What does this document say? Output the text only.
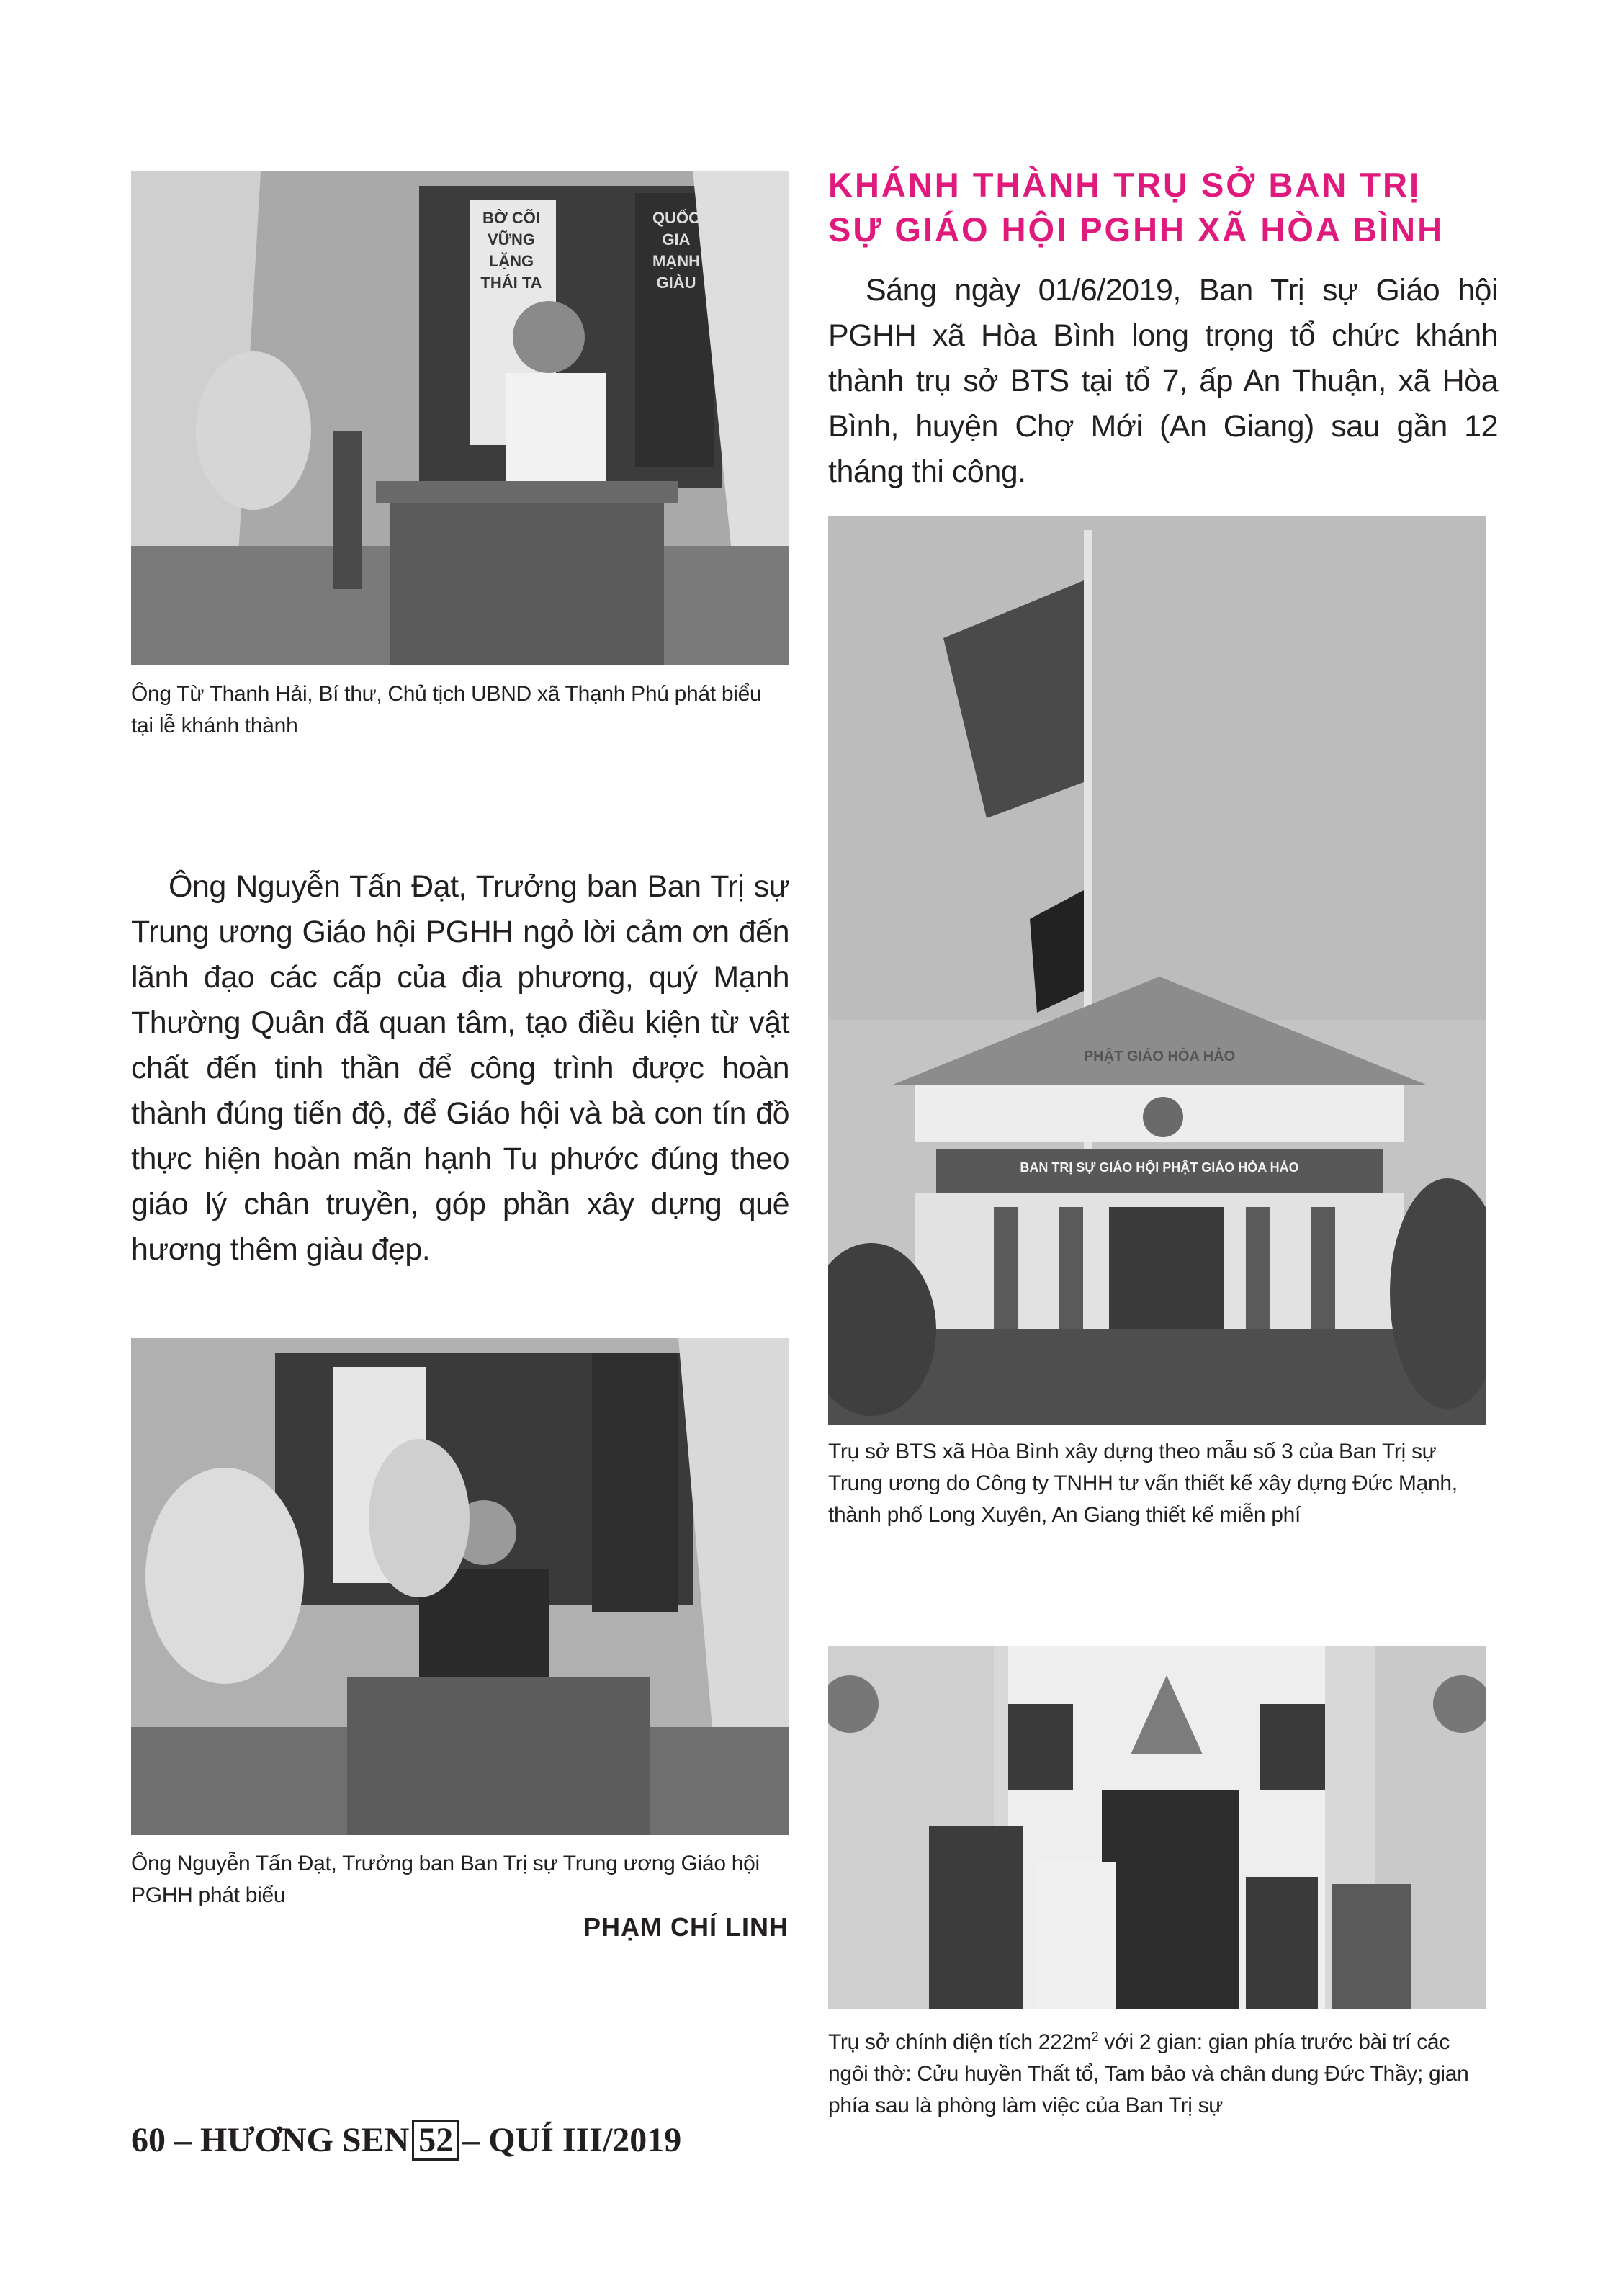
KHÁNH THÀNH TRỤ SỞ BAN TRỊ
SỰ GIÁO HỘI PGHH XÃ HÒA BÌNH

Sáng ngày 01/6/2019, Ban Trị sự Giáo hội PGHH xã Hòa Bình long trọng tổ chức khánh thành trụ sở BTS tại tổ 7, ấp An Thuận, xã Hòa Bình, huyện Chợ Mới (An Giang) sau gần 12 tháng thi công.

BỜ CÕI VỮNG LẶNG THÁI TA
QUỐC GIA MẠNH GIÀU
Ông Từ Thanh Hải, Bí thư, Chủ tịch UBND xã Thạnh Phú phát biểu tại lễ khánh thành

Ông Nguyễn Tấn Đạt, Trưởng ban Ban Trị sự Trung ương Giáo hội PGHH ngỏ lời cảm ơn đến lãnh đạo các cấp của địa phương, quý Mạnh Thường Quân đã quan tâm, tạo điều kiện từ vật chất đến tinh thần để công trình được hoàn thành đúng tiến độ, để Giáo hội và bà con tín đồ thực hiện hoàn mãn hạnh Tu phước đúng theo giáo lý chân truyền, góp phần xây dựng quê hương thêm giàu đẹp.

Ông Nguyễn Tấn Đạt, Trưởng ban Ban Trị sự Trung ương Giáo hội PGHH phát biểu
PHẠM CHÍ LINH
PHẬT GIÁO HÒA HẢO
BAN TRỊ SỰ GIÁO HỘI PHẬT GIÁO HÒA HẢO
Trụ sở BTS xã Hòa Bình xây dựng theo mẫu số 3 của Ban Trị sự Trung ương do Công ty TNHH tư vấn thiết kế xây dựng Đức Mạnh, thành phố Long Xuyên, An Giang thiết kế miễn phí
Trụ sở chính diện tích $222m^2$ với 2 gian: gian phía trước bài trí các ngôi thờ: Cửu huyền Thất tổ, Tam bảo và chân dung Đức Thầy; gian phía sau là phòng làm việc của Ban Trị sự
60 – HƯƠNG SEN 52 – QUÍ III/2019
